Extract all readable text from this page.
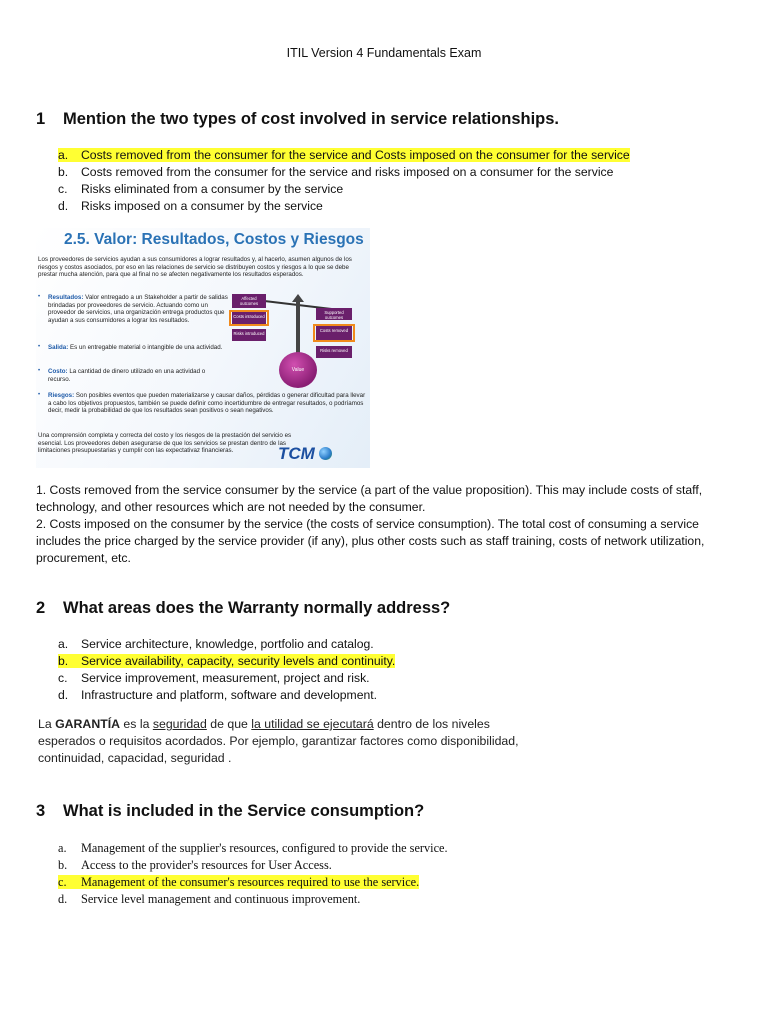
ITIL Version 4 Fundamentals Exam
1 Mention the two types of cost involved in service relationships.
a. Costs removed from the consumer for the service and Costs imposed on the consumer for the service
b. Costs removed from the consumer for the service and risks imposed on a consumer for the service
c. Risks eliminated from a consumer by the service
d. Risks imposed on a consumer by the service
2.5. Valor: Resultados, Costos y Riesgos
Los proveedores de servicios ayudan a sus consumidores a lograr resultados y, al hacerlo, asumen algunos de los riesgos y costos asociados, por eso en las relaciones de servicio se distribuyen costos y riesgos a lo que se debe prestar mucha atención, para que al final no se afecten negativamente los resultados esperados.
• Resultados: Valor entregado a un Stakeholder a partir de salidas brindadas por proveedores de servicio. Actuando como un proveedor de servicios, una organización entrega productos que ayudan a sus consumidores a lograr los resultados.
• Salida: Es un entregable material o intangible de una actividad.
• Costo: La cantidad de dinero utilizado en una actividad o recurso.
• Riesgos: Son posibles eventos que pueden materializarse y causar daños, pérdidas o generar dificultad para llevar a cabo los objetivos propuestos, también se puede definir como incertidumbre de entregar resultados, o podríamos decir, medir la probabilidad de que los resultados sean positivos o sean negativos.
Una comprensión completa y correcta del costo y los riesgos de la prestación del servicio es esencial. Los proveedores deben asegurarse de que los servicios se prestan dentro de las limitaciones presupuestarias y cumplir con las expectativaz financieras.
Affected outcomes
Costs introduced
Risks introduced
Supported outcomes
Costs removed
Risks removed
Value
TCM
1. Costs removed from the service consumer by the service (a part of the value proposition). This may include costs of staff, technology, and other resources which are not needed by the consumer.
2. Costs imposed on the consumer by the service (the costs of service consumption). The total cost of consuming a service includes the price charged by the service provider (if any), plus other costs such as staff training, costs of network utilization, procurement, etc.
2 What areas does the Warranty normally address?
a. Service architecture, knowledge, portfolio and catalog.
b. Service availability, capacity, security levels and continuity.
c. Service improvement, measurement, project and risk.
d. Infrastructure and platform, software and development.
La GARANTÍA es la seguridad de que la utilidad se ejecutará dentro de los niveles esperados o requisitos acordados. Por ejemplo, garantizar factores como disponibilidad, continuidad, capacidad, seguridad .
3 What is included in the Service consumption?
a. Management of the supplier's resources, configured to provide the service.
b. Access to the provider's resources for User Access.
c. Management of the consumer's resources required to use the service.
d. Service level management and continuous improvement.
